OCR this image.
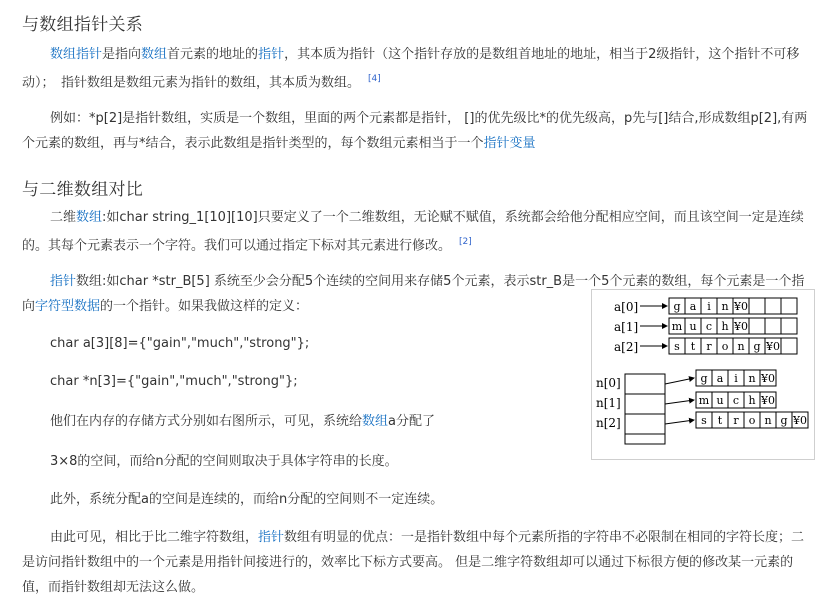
与数组指针关系

数组指针是指向数组首元素的地址的指针，其本质为指针（这个指针存放的是数组首地址的地址，相当于2级指针，这个指针不可移动）；　指针数组是数组元素为指针的数组，其本质为数组。 [4]

例如：*p[2]是指针数组，实质是一个数组，里面的两个元素都是指针， []的优先级比*的优先级高，p先与[]结合,形成数组p[2],有两个元素的数组，再与*结合，表示此数组是指针类型的，每个数组元素相当于一个指针变量

与二维数组对比

二维数组:如char string_1[10][10]只要定义了一个二维数组，无论赋不赋值，系统都会给他分配相应空间，而且该空间一定是连续的。其每个元素表示一个字符。我们可以通过指定下标对其元素进行修改。 [2]

指针数组:如char *str_B[5] 系统至少会分配5个连续的空间用来存储5个元素，表示str_B是一个5个元素的数组，每个元素是一个指向字符型数据的一个指针。如果我做这样的定义：

char a[3][8]={"gain","much","strong"};
char *n[3]={"gain","much","strong"};
他们在内存的存储方式分别如右图所示，可见，系统给数组a分配了
3×8的空间，而给n分配的空间则取决于具体字符串的长度。
此外，系统分配a的空间是连续的，而给n分配的空间则不一定连续。

由此可见，相比于比二维字符数组，指针数组有明显的优点：一是指针数组中每个元素所指的字符串不必限制在相同的字符长度；二是访问指针数组中的一个元素是用指针间接进行的，效率比下标方式要高。 但是二维字符数组却可以通过下标很方便的修改某一元素的值，而指针数组却无法这么做。

a[0]	g a i n ¥0
a[1]	m u c h ¥0
a[2]	s t r o n g ¥0
n[0]
n[1]
n[2]
g a i n ¥0
m u c h ¥0
s t r o n g ¥0
